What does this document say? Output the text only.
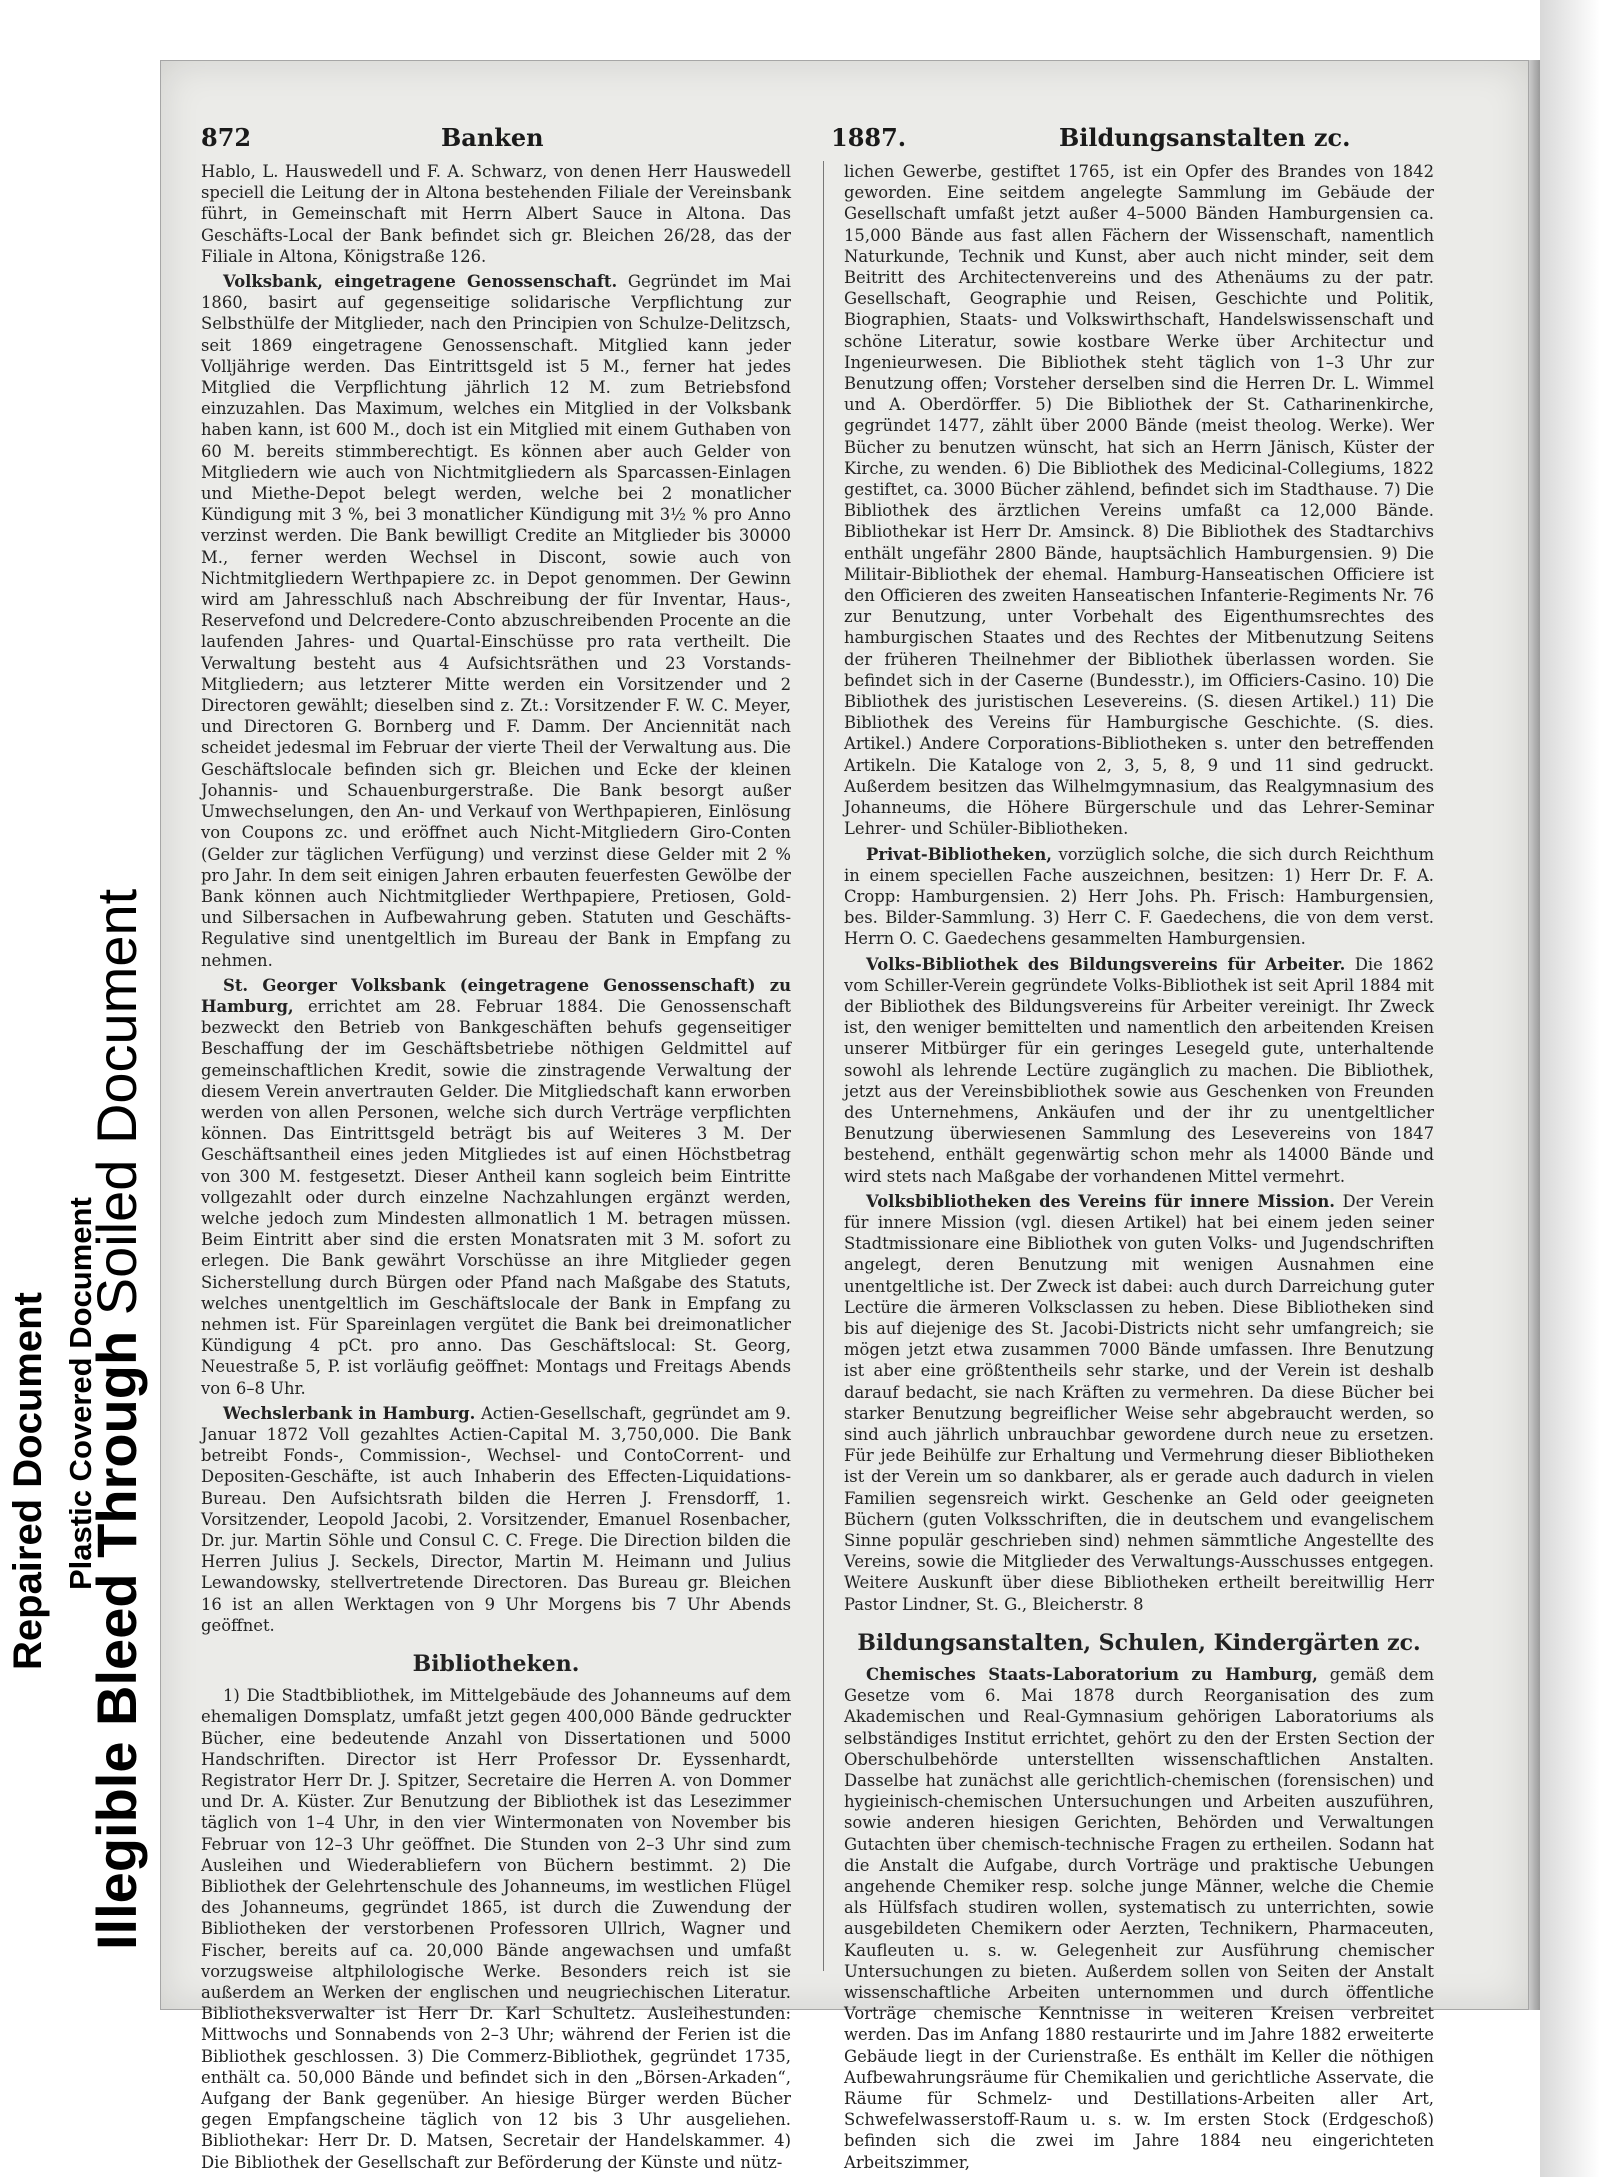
Repaired Document Plastic Covered Document
Illegible Bleed Through Soiled Document
872	Banken	1887.	Bildungsanstalten zc.

Hablo, L. Hauswedell und F. A. Schwarz, von denen Herr Hauswedell speciell die Leitung der in Altona bestehenden Filiale der Vereinsbank führt, in Gemeinschaft mit Herrn Albert Sauce in Altona. Das Geschäfts-Local der Bank befindet sich gr. Bleichen 26/28, das der Filiale in Altona, Königstraße 126.

Volksbank, eingetragene Genossenschaft. Gegründet im Mai 1860, basirt auf gegenseitige solidarische Verpflichtung zur Selbsthülfe der Mitglieder, nach den Principien von Schulze-Delitzsch, seit 1869 eingetragene Genossenschaft. Mitglied kann jeder Volljährige werden. Das Eintrittsgeld ist 5 M., ferner hat jedes Mitglied die Verpflichtung jährlich 12 M. zum Betriebsfond einzuzahlen. Das Maximum, welches ein Mitglied in der Volksbank haben kann, ist 600 M., doch ist ein Mitglied mit einem Guthaben von 60 M. bereits stimmberechtigt. Es können aber auch Gelder von Mitgliedern wie auch von Nichtmitgliedern als Sparcassen-Einlagen und Miethe-Depot belegt werden, welche bei 2 monatlicher Kündigung mit 3 %, bei 3 monatlicher Kündigung mit 3½ % pro Anno verzinst werden. Die Bank bewilligt Credite an Mitglieder bis 30000 M., ferner werden Wechsel in Discont, sowie auch von Nichtmitgliedern Werthpapiere zc. in Depot genommen. Der Gewinn wird am Jahresschluß nach Abschreibung der für Inventar, Haus-, Reservefond und Delcredere-Conto abzuschreibenden Procente an die laufenden Jahres- und Quartal-Einschüsse pro rata vertheilt. Die Verwaltung besteht aus 4 Aufsichtsräthen und 23 Vorstands-Mitgliedern; aus letzterer Mitte werden ein Vorsitzender und 2 Directoren gewählt; dieselben sind z. Zt.: Vorsitzender F. W. C. Meyer, und Directoren G. Bornberg und F. Damm. Der Anciennität nach scheidet jedesmal im Februar der vierte Theil der Verwaltung aus. Die Geschäftslocale befinden sich gr. Bleichen und Ecke der kleinen Johannis- und Schauenburgerstraße. Die Bank besorgt außer Umwechselungen, den An- und Verkauf von Werthpapieren, Einlösung von Coupons zc. und eröffnet auch Nicht-Mitgliedern Giro-Conten (Gelder zur täglichen Verfügung) und verzinst diese Gelder mit 2 % pro Jahr. In dem seit einigen Jahren erbauten feuerfesten Gewölbe der Bank können auch Nichtmitglieder Werthpapiere, Pretiosen, Gold- und Silbersachen in Aufbewahrung geben. Statuten und Geschäfts-Regulative sind unentgeltlich im Bureau der Bank in Empfang zu nehmen.

St. Georger Volksbank (eingetragene Genossenschaft) zu Hamburg, errichtet am 28. Februar 1884. Die Genossenschaft bezweckt den Betrieb von Bankgeschäften behufs gegenseitiger Beschaffung der im Geschäftsbetriebe nöthigen Geldmittel auf gemeinschaftlichen Kredit, sowie die zinstragende Verwaltung der diesem Verein anvertrauten Gelder. Die Mitgliedschaft kann erworben werden von allen Personen, welche sich durch Verträge verpflichten können. Das Eintrittsgeld beträgt bis auf Weiteres 3 M. Der Geschäftsantheil eines jeden Mitgliedes ist auf einen Höchstbetrag von 300 M. festgesetzt. Dieser Antheil kann sogleich beim Eintritte vollgezahlt oder durch einzelne Nachzahlungen ergänzt werden, welche jedoch zum Mindesten allmonatlich 1 M. betragen müssen. Beim Eintritt aber sind die ersten Monatsraten mit 3 M. sofort zu erlegen. Die Bank gewährt Vorschüsse an ihre Mitglieder gegen Sicherstellung durch Bürgen oder Pfand nach Maßgabe des Statuts, welches unentgeltlich im Geschäftslocale der Bank in Empfang zu nehmen ist. Für Spareinlagen vergütet die Bank bei dreimonatlicher Kündigung 4 pCt. pro anno. Das Geschäftslocal: St. Georg, Neuestraße 5, P. ist vorläufig geöffnet: Montags und Freitags Abends von 6–8 Uhr.

Wechslerbank in Hamburg. Actien-Gesellschaft, gegründet am 9. Januar 1872 Voll gezahltes Actien-Capital M. 3,750,000. Die Bank betreibt Fonds-, Commission-, Wechsel- und ContoCorrent- und Depositen-Geschäfte, ist auch Inhaberin des Effecten-Liquidations-Bureau. Den Aufsichtsrath bilden die Herren J. Frensdorff, 1. Vorsitzender, Leopold Jacobi, 2. Vorsitzender, Emanuel Rosenbacher, Dr. jur. Martin Söhle und Consul C. C. Frege. Die Direction bilden die Herren Julius J. Seckels, Director, Martin M. Heimann und Julius Lewandowsky, stellvertretende Directoren. Das Bureau gr. Bleichen 16 ist an allen Werktagen von 9 Uhr Morgens bis 7 Uhr Abends geöffnet.

Bibliotheken.

1) Die Stadtbibliothek, im Mittelgebäude des Johanneums auf dem ehemaligen Domsplatz, umfaßt jetzt gegen 400,000 Bände gedruckter Bücher, eine bedeutende Anzahl von Dissertationen und 5000 Handschriften. Director ist Herr Professor Dr. Eyssenhardt, Registrator Herr Dr. J. Spitzer, Secretaire die Herren A. von Dommer und Dr. A. Küster. Zur Benutzung der Bibliothek ist das Lesezimmer täglich von 1–4 Uhr, in den vier Wintermonaten von November bis Februar von 12–3 Uhr geöffnet. Die Stunden von 2–3 Uhr sind zum Ausleihen und Wiederabliefern von Büchern bestimmt. 2) Die Bibliothek der Gelehrtenschule des Johanneums, im westlichen Flügel des Johanneums, gegründet 1865, ist durch die Zuwendung der Bibliotheken der verstorbenen Professoren Ullrich, Wagner und Fischer, bereits auf ca. 20,000 Bände angewachsen und umfaßt vorzugsweise altphilologische Werke. Besonders reich ist sie außerdem an Werken der englischen und neugriechischen Literatur. Bibliotheksverwalter ist Herr Dr. Karl Schultetz. Ausleihestunden: Mittwochs und Sonnabends von 2–3 Uhr; während der Ferien ist die Bibliothek geschlossen. 3) Die Commerz-Bibliothek, gegründet 1735, enthält ca. 50,000 Bände und befindet sich in den „Börsen-Arkaden“, Aufgang der Bank gegenüber. An hiesige Bürger werden Bücher gegen Empfangscheine täglich von 12 bis 3 Uhr ausgeliehen. Bibliothekar: Herr Dr. D. Matsen, Secretair der Handelskammer. 4) Die Bibliothek der Gesellschaft zur Beförderung der Künste und nütz-

lichen Gewerbe, gestiftet 1765, ist ein Opfer des Brandes von 1842 geworden. Eine seitdem angelegte Sammlung im Gebäude der Gesellschaft umfaßt jetzt außer 4–5000 Bänden Hamburgensien ca. 15,000 Bände aus fast allen Fächern der Wissenschaft, namentlich Naturkunde, Technik und Kunst, aber auch nicht minder, seit dem Beitritt des Architectenvereins und des Athenäums zu der patr. Gesellschaft, Geographie und Reisen, Geschichte und Politik, Biographien, Staats- und Volkswirthschaft, Handelswissenschaft und schöne Literatur, sowie kostbare Werke über Architectur und Ingenieurwesen. Die Bibliothek steht täglich von 1–3 Uhr zur Benutzung offen; Vorsteher derselben sind die Herren Dr. L. Wimmel und A. Oberdörffer. 5) Die Bibliothek der St. Catharinenkirche, gegründet 1477, zählt über 2000 Bände (meist theolog. Werke). Wer Bücher zu benutzen wünscht, hat sich an Herrn Jänisch, Küster der Kirche, zu wenden. 6) Die Bibliothek des Medicinal-Collegiums, 1822 gestiftet, ca. 3000 Bücher zählend, befindet sich im Stadthause. 7) Die Bibliothek des ärztlichen Vereins umfaßt ca 12,000 Bände. Bibliothekar ist Herr Dr. Amsinck. 8) Die Bibliothek des Stadtarchivs enthält ungefähr 2800 Bände, hauptsächlich Hamburgensien. 9) Die Militair-Bibliothek der ehemal. Hamburg-Hanseatischen Officiere ist den Officieren des zweiten Hanseatischen Infanterie-Regiments Nr. 76 zur Benutzung, unter Vorbehalt des Eigenthumsrechtes des hamburgischen Staates und des Rechtes der Mitbenutzung Seitens der früheren Theilnehmer der Bibliothek überlassen worden. Sie befindet sich in der Caserne (Bundesstr.), im Officiers-Casino. 10) Die Bibliothek des juristischen Lesevereins. (S. diesen Artikel.) 11) Die Bibliothek des Vereins für Hamburgische Geschichte. (S. dies. Artikel.) Andere Corporations-Bibliotheken s. unter den betreffenden Artikeln. Die Kataloge von 2, 3, 5, 8, 9 und 11 sind gedruckt. Außerdem besitzen das Wilhelmgymnasium, das Realgymnasium des Johanneums, die Höhere Bürgerschule und das Lehrer-Seminar Lehrer- und Schüler-Bibliotheken.

Privat-Bibliotheken, vorzüglich solche, die sich durch Reichthum in einem speciellen Fache auszeichnen, besitzen: 1) Herr Dr. F. A. Cropp: Hamburgensien. 2) Herr Johs. Ph. Frisch: Hamburgensien, bes. Bilder-Sammlung. 3) Herr C. F. Gaedechens, die von dem verst. Herrn O. C. Gaedechens gesammelten Hamburgensien.

Volks-Bibliothek des Bildungsvereins für Arbeiter. Die 1862 vom Schiller-Verein gegründete Volks-Bibliothek ist seit April 1884 mit der Bibliothek des Bildungsvereins für Arbeiter vereinigt. Ihr Zweck ist, den weniger bemittelten und namentlich den arbeitenden Kreisen unserer Mitbürger für ein geringes Lesegeld gute, unterhaltende sowohl als lehrende Lectüre zugänglich zu machen. Die Bibliothek, jetzt aus der Vereinsbibliothek sowie aus Geschenken von Freunden des Unternehmens, Ankäufen und der ihr zu unentgeltlicher Benutzung überwiesenen Sammlung des Lesevereins von 1847 bestehend, enthält gegenwärtig schon mehr als 14000 Bände und wird stets nach Maßgabe der vorhandenen Mittel vermehrt.

Volksbibliotheken des Vereins für innere Mission. Der Verein für innere Mission (vgl. diesen Artikel) hat bei einem jeden seiner Stadtmissionare eine Bibliothek von guten Volks- und Jugendschriften angelegt, deren Benutzung mit wenigen Ausnahmen eine unentgeltliche ist. Der Zweck ist dabei: auch durch Darreichung guter Lectüre die ärmeren Volksclassen zu heben. Diese Bibliotheken sind bis auf diejenige des St. Jacobi-Districts nicht sehr umfangreich; sie mögen jetzt etwa zusammen 7000 Bände umfassen. Ihre Benutzung ist aber eine größtentheils sehr starke, und der Verein ist deshalb darauf bedacht, sie nach Kräften zu vermehren. Da diese Bücher bei starker Benutzung begreiflicher Weise sehr abgebraucht werden, so sind auch jährlich unbrauchbar gewordene durch neue zu ersetzen. Für jede Beihülfe zur Erhaltung und Vermehrung dieser Bibliotheken ist der Verein um so dankbarer, als er gerade auch dadurch in vielen Familien segensreich wirkt. Geschenke an Geld oder geeigneten Büchern (guten Volksschriften, die in deutschem und evangelischem Sinne populär geschrieben sind) nehmen sämmtliche Angestellte des Vereins, sowie die Mitglieder des Verwaltungs-Ausschusses entgegen. Weitere Auskunft über diese Bibliotheken ertheilt bereitwillig Herr Pastor Lindner, St. G., Bleicherstr. 8

Bildungsanstalten, Schulen, Kindergärten zc.

Chemisches Staats-Laboratorium zu Hamburg, gemäß dem Gesetze vom 6. Mai 1878 durch Reorganisation des zum Akademischen und Real-Gymnasium gehörigen Laboratoriums als selbständiges Institut errichtet, gehört zu den der Ersten Section der Oberschulbehörde unterstellten wissenschaftlichen Anstalten. Dasselbe hat zunächst alle gerichtlich-chemischen (forensischen) und hygieinisch-chemischen Untersuchungen und Arbeiten auszuführen, sowie anderen hiesigen Gerichten, Behörden und Verwaltungen Gutachten über chemisch-technische Fragen zu ertheilen. Sodann hat die Anstalt die Aufgabe, durch Vorträge und praktische Uebungen angehende Chemiker resp. solche junge Männer, welche die Chemie als Hülfsfach studiren wollen, systematisch zu unterrichten, sowie ausgebildeten Chemikern oder Aerzten, Technikern, Pharmaceuten, Kaufleuten u. s. w. Gelegenheit zur Ausführung chemischer Untersuchungen zu bieten. Außerdem sollen von Seiten der Anstalt wissenschaftliche Arbeiten unternommen und durch öffentliche Vorträge chemische Kenntnisse in weiteren Kreisen verbreitet werden. Das im Anfang 1880 restaurirte und im Jahre 1882 erweiterte Gebäude liegt in der Curienstraße. Es enthält im Keller die nöthigen Aufbewahrungsräume für Chemikalien und gerichtliche Asservate, die Räume für Schmelz- und Destillations-Arbeiten aller Art, Schwefelwasserstoff-Raum u. s. w. Im ersten Stock (Erdgeschoß) befinden sich die zwei im Jahre 1884 neu eingerichteten Arbeitszimmer,
